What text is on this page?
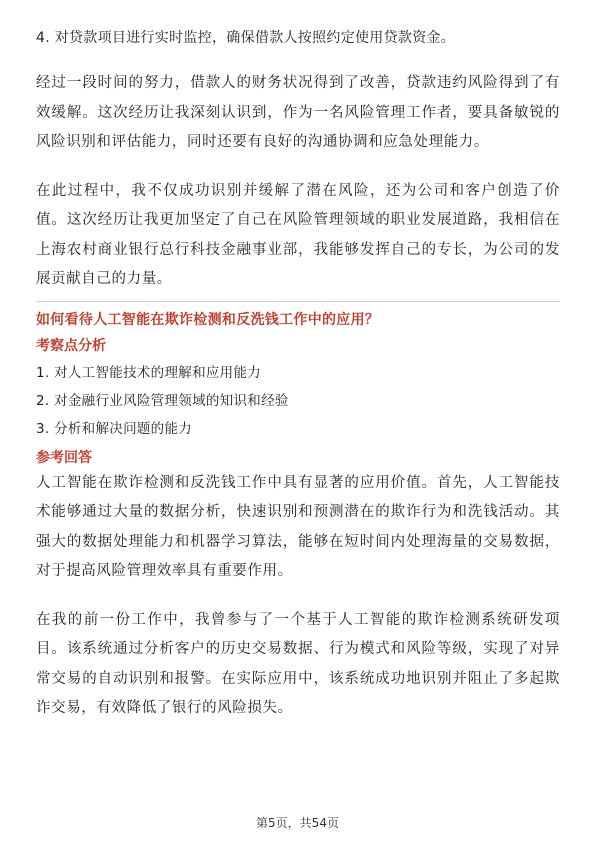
4. 对贷款项目进行实时监控，确保借款人按照约定使用贷款资金。

经过一段时间的努力，借款人的财务状况得到了改善，贷款违约风险得到了有效缓解。这次经历让我深刻认识到，作为一名风险管理工作者，要具备敏锐的风险识别和评估能力，同时还要有良好的沟通协调和应急处理能力。

在此过程中，我不仅成功识别并缓解了潜在风险，还为公司和客户创造了价值。这次经历让我更加坚定了自己在风险管理领域的职业发展道路，我相信在上海农村商业银行总行科技金融事业部，我能够发挥自己的专长，为公司的发展贡献自己的力量。

如何看待人工智能在欺诈检测和反洗钱工作中的应用？

考察点分析

1. 对人工智能技术的理解和应用能力

2. 对金融行业风险管理领域的知识和经验

3. 分析和解决问题的能力

参考回答

人工智能在欺诈检测和反洗钱工作中具有显著的应用价值。首先，人工智能技术能够通过大量的数据分析，快速识别和预测潜在的欺诈行为和洗钱活动。其强大的数据处理能力和机器学习算法，能够在短时间内处理海量的交易数据，对于提高风险管理效率具有重要作用。

在我的前一份工作中，我曾参与了一个基于人工智能的欺诈检测系统研发项目。该系统通过分析客户的历史交易数据、行为模式和风险等级，实现了对异常交易的自动识别和报警。在实际应用中，该系统成功地识别并阻止了多起欺诈交易，有效降低了银行的风险损失。

第5页，共54页
